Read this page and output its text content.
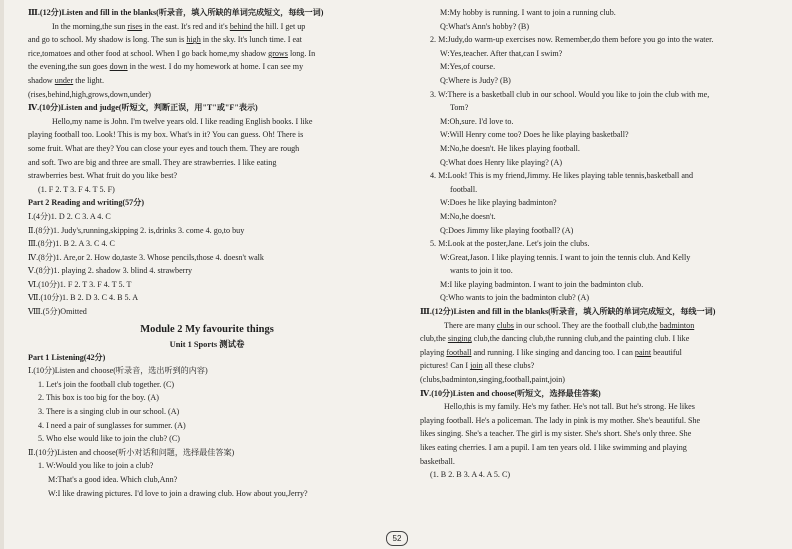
Ⅲ.(12分)Listen and fill in the blanks(听录音，填入所缺的单词完成短文，每线一词)

In the morning,the sun rises in the east. It's red and it's behind the hill. I get up

and go to school. My shadow is long. The sun is high in the sky. It's lunch time. I eat

rice,tomatoes and other food at school. When I go back home,my shadow grows long. In

the evening,the sun goes down in the west. I do my homework at home. I can see my

shadow under the light.

(rises,behind,high,grows,down,under)

Ⅳ.(10分)Listen and judge(听短文，判断正误，用"T"或"F"表示)

Hello,my name is John. I'm twelve years old. I like reading English books. I like

playing football too. Look! This is my box. What's in it? You can guess. Oh! There is

some fruit. What are they? You can close your eyes and touch them. They are rough

and soft. Two are big and three are small. They are strawberries. I like eating

strawberries best. What fruit do you like best?

(1. F 2. T 3. F 4. T 5. F)

Part 2 Reading and writing(57分)

Ⅰ.(4分)1. D 2. C 3. A 4. C

Ⅱ.(8分)1. Judy's,running,skipping 2. is,drinks 3. come 4. go,to buy

Ⅲ.(8分)1. B 2. A 3. C 4. C

Ⅳ.(8分)1. Are,or 2. How do,taste 3. Whose pencils,those 4. doesn't walk

Ⅴ.(8分)1. playing 2. shadow 3. blind 4. strawberry

Ⅵ.(10分)1. F 2. T 3. F 4. T 5. T

Ⅶ.(10分)1. B 2. D 3. C 4. B 5. A

Ⅷ.(5分)Omitted

Module 2 My favourite things

Unit 1 Sports 测试卷

Part 1 Listening(42分)

Ⅰ.(10分)Listen and choose(听录音，选出听到的内容)

1. Let's join the football club together. (C)

2. This box is too big for the boy. (A)

3. There is a singing club in our school. (A)

4. I need a pair of sunglasses for summer. (A)

5. Who else would like to join the club? (C)

Ⅱ.(10分)Listen and choose(听小对话和问题，选择最佳答案)

1. W:Would you like to join a club?

M:That's a good idea. Which club,Ann?

W:I like drawing pictures. I'd love to join a drawing club. How about you,Jerry?

M:My hobby is running. I want to join a running club.

Q:What's Ann's hobby? (B)

2. M:Judy,do warm-up exercises now. Remember,do them before you go into the water.

W:Yes,teacher. After that,can I swim?

M:Yes,of course.

Q:Where is Judy? (B)

3. W:There is a basketball club in our school. Would you like to join the club with me,

Tom?

M:Oh,sure. I'd love to.

W:Will Henry come too? Does he like playing basketball?

M:No,he doesn't. He likes playing football.

Q:What does Henry like playing? (A)

4. M:Look! This is my friend,Jimmy. He likes playing table tennis,basketball and

football.

W:Does he like playing badminton?

M:No,he doesn't.

Q:Does Jimmy like playing football? (A)

5. M:Look at the poster,Jane. Let's join the clubs.

W:Great,Jason. I like playing tennis. I want to join the tennis club. And Kelly

wants to join it too.

M:I like playing badminton. I want to join the badminton club.

Q:Who wants to join the badminton club? (A)

Ⅲ.(12分)Listen and fill in the blanks(听录音，填入所缺的单词完成短文，每线一词)

There are many clubs in our school. They are the football club,the badminton

club,the singing club,the dancing club,the running club,and the painting club. I like

playing football and running. I like singing and dancing too. I can paint beautiful

pictures! Can I join all these clubs?

(clubs,badminton,singing,football,paint,join)

Ⅳ.(10分)Listen and choose(听短文，选择最佳答案)

Hello,this is my family. He's my father. He's not tall. But he's strong. He likes

playing football. He's a policeman. The lady in pink is my mother. She's beautiful. She

likes singing. She's a teacher. The girl is my sister. She's short. She's only three. She

likes eating cherries. I am a pupil. I am ten years old. I like swimming and playing

basketball.

(1. B 2. B 3. A 4. A 5. C)

52
